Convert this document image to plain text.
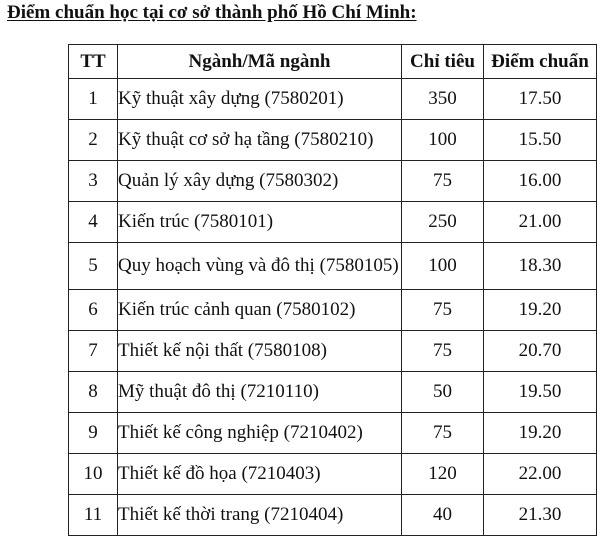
Điểm chuẩn học tại cơ sở thành phố Hồ Chí Minh:
TT	Ngành/Mã ngành	Chỉ tiêu	Điểm chuẩn
1	Kỹ thuật xây dựng (7580201)	350	17.50
2	Kỹ thuật cơ sở hạ tầng (7580210)	100	15.50
3	Quản lý xây dựng (7580302)	75	16.00
4	Kiến trúc (7580101)	250	21.00
5	Quy hoạch vùng và đô thị (7580105)	100	18.30
6	Kiến trúc cảnh quan (7580102)	75	19.20
7	Thiết kế nội thất (7580108)	75	20.70
8	Mỹ thuật đô thị (7210110)	50	19.50
9	Thiết kế công nghiệp (7210402)	75	19.20
10	Thiết kế đồ họa (7210403)	120	22.00
11	Thiết kế thời trang (7210404)	40	21.30
